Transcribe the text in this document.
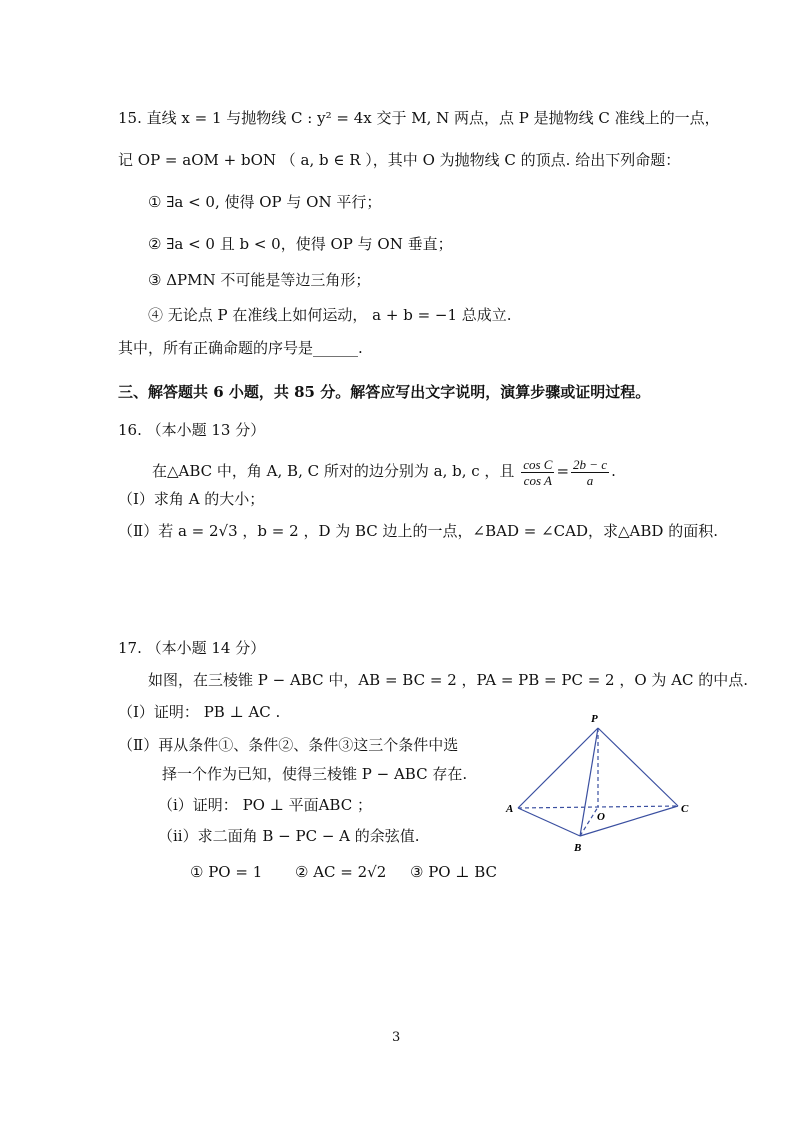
15. 直线 x = 1 与抛物线 C : y² = 4x 交于 M, N 两点，点 P 是抛物线 C 准线上的一点，
记 OP = aOM + bON （ a, b ∈ R ），其中 O 为抛物线 C 的顶点. 给出下列命题：
① ∃a < 0, 使得 OP 与 ON 平行；
② ∃a < 0 且 b < 0，使得 OP 与 ON 垂直；
③ ΔPMN 不可能是等边三角形；
④ 无论点 P 在准线上如何运动， a + b = −1 总成立.
其中，所有正确命题的序号是______.
三、解答题共 6 小题，共 85 分。解答应写出文字说明，演算步骤或证明过程。
16. （本小题 13 分）
在△ABC 中，角 A, B, C 所对的边分别为 a, b, c ，且 $\frac{\text{cos C}}{\text{cos A}} = \frac{2b - c}{a}$ .
（Ⅰ）求角 A 的大小；
（Ⅱ）若 a = 2√3 ，b = 2 ，D 为 BC 边上的一点，∠BAD = ∠CAD，求△ABD 的面积.
17. （本小题 14 分）
如图，在三棱锥 P − ABC 中，AB = BC = 2 ，PA = PB = PC = 2 ，O 为 AC 的中点.
（Ⅰ）证明： PB ⊥ AC .
（Ⅱ）再从条件①、条件②、条件③这三个条件中选
择一个作为已知，使得三棱锥 P − ABC 存在.
（i）证明： PO ⊥ 平面ABC ；
（ii）求二面角 B − PC − A 的余弦值.
① PO = 1 ② AC = 2√2 ③ PO ⊥ BC
P
A	C
B
O
3
